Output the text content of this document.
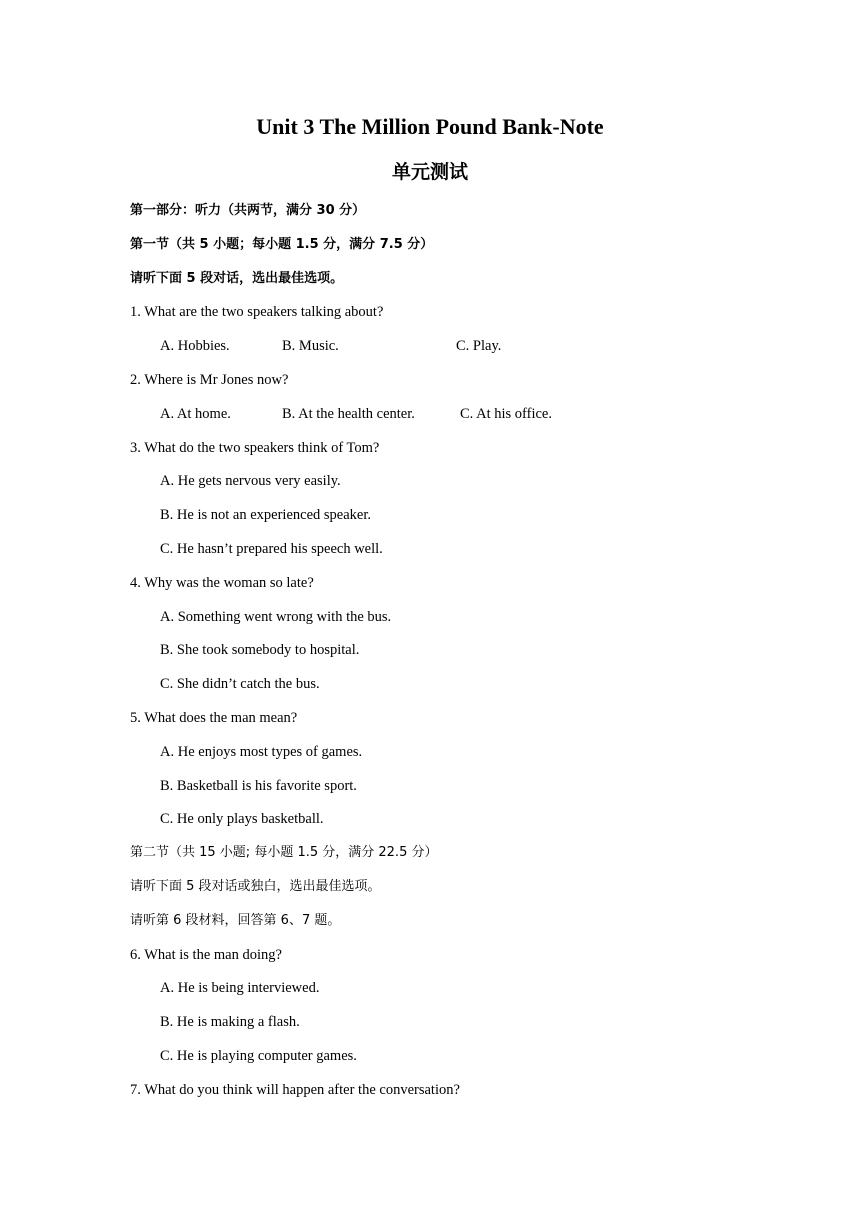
Unit 3 The Million Pound Bank-Note
单元测试
第一部分：听力（共两节，满分 30 分）
第一节（共 5 小题；每小题 1.5 分，满分 7.5 分）
请听下面 5 段对话，选出最佳选项。
1. What are the two speakers talking about?
A. Hobbies.	B. Music.	C. Play.
2. Where is Mr Jones now?
A. At home.	B. At the health center.	C. At his office.
3. What do the two speakers think of Tom?
A. He gets nervous very easily.
B. He is not an experienced speaker.
C. He hasn’t prepared his speech well.
4. Why was the woman so late?
A. Something went wrong with the bus.
B. She took somebody to hospital.
C. She didn’t catch the bus.
5. What does the man mean?
A. He enjoys most types of games.
B. Basketball is his favorite sport.
C. He only plays basketball.
第二节（共 15 小题; 每小题 1.5 分，满分 22.5 分）
请听下面 5 段对话或独白，选出最佳选项。
请听第 6 段材料，回答第 6、7 题。
6. What is the man doing?
A. He is being interviewed.
B. He is making a flash.
C. He is playing computer games.
7. What do you think will happen after the conversation?
